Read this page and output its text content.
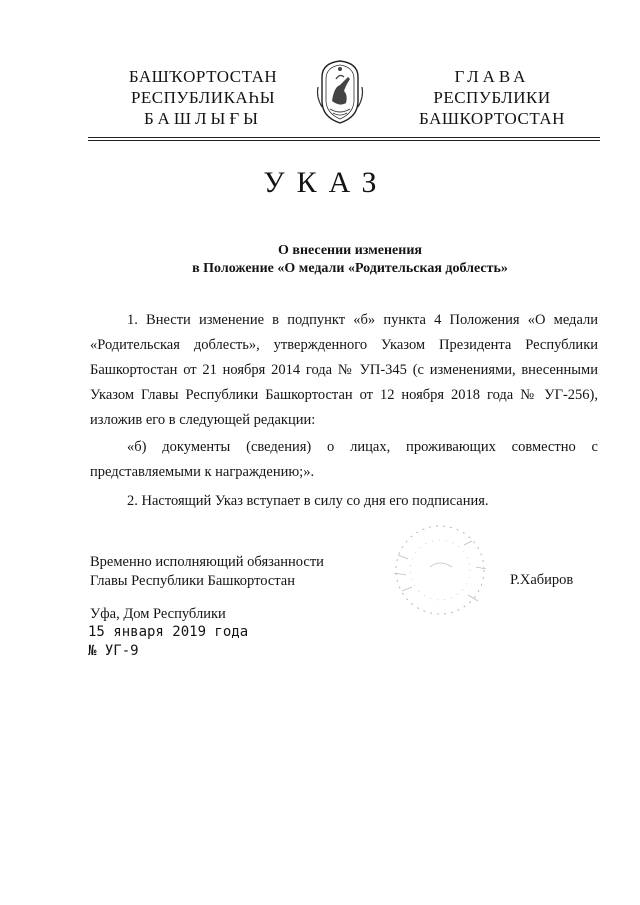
БАШҠОРТОСТАН
РЕСПУБЛИКАҺЫ
БАШЛЫҒЫ
ГЛАВА
РЕСПУБЛИКИ
БАШКОРТОСТАН
УКАЗ
О внесении изменения
в Положение «О медали «Родительская доблесть»

1. Внести изменение в подпункт «б» пункта 4 Положения «О медали «Родительская доблесть», утвержденного Указом Президента Республики Башкортостан от 21 ноября 2014 года № УП-345 (с изменениями, внесенными Указом Главы Республики Башкортостан от 12 ноября 2018 года № УГ-256), изложив его в следующей редакции:

«б) документы (сведения) о лицах, проживающих совместно с представляемыми к награждению;».

2. Настоящий Указ вступает в силу со дня его подписания.

Временно исполняющий обязанности
Главы Республики Башкортостан	Р.Хабиров
Уфа, Дом Республики
15 января 2019 года
№ УГ-9
